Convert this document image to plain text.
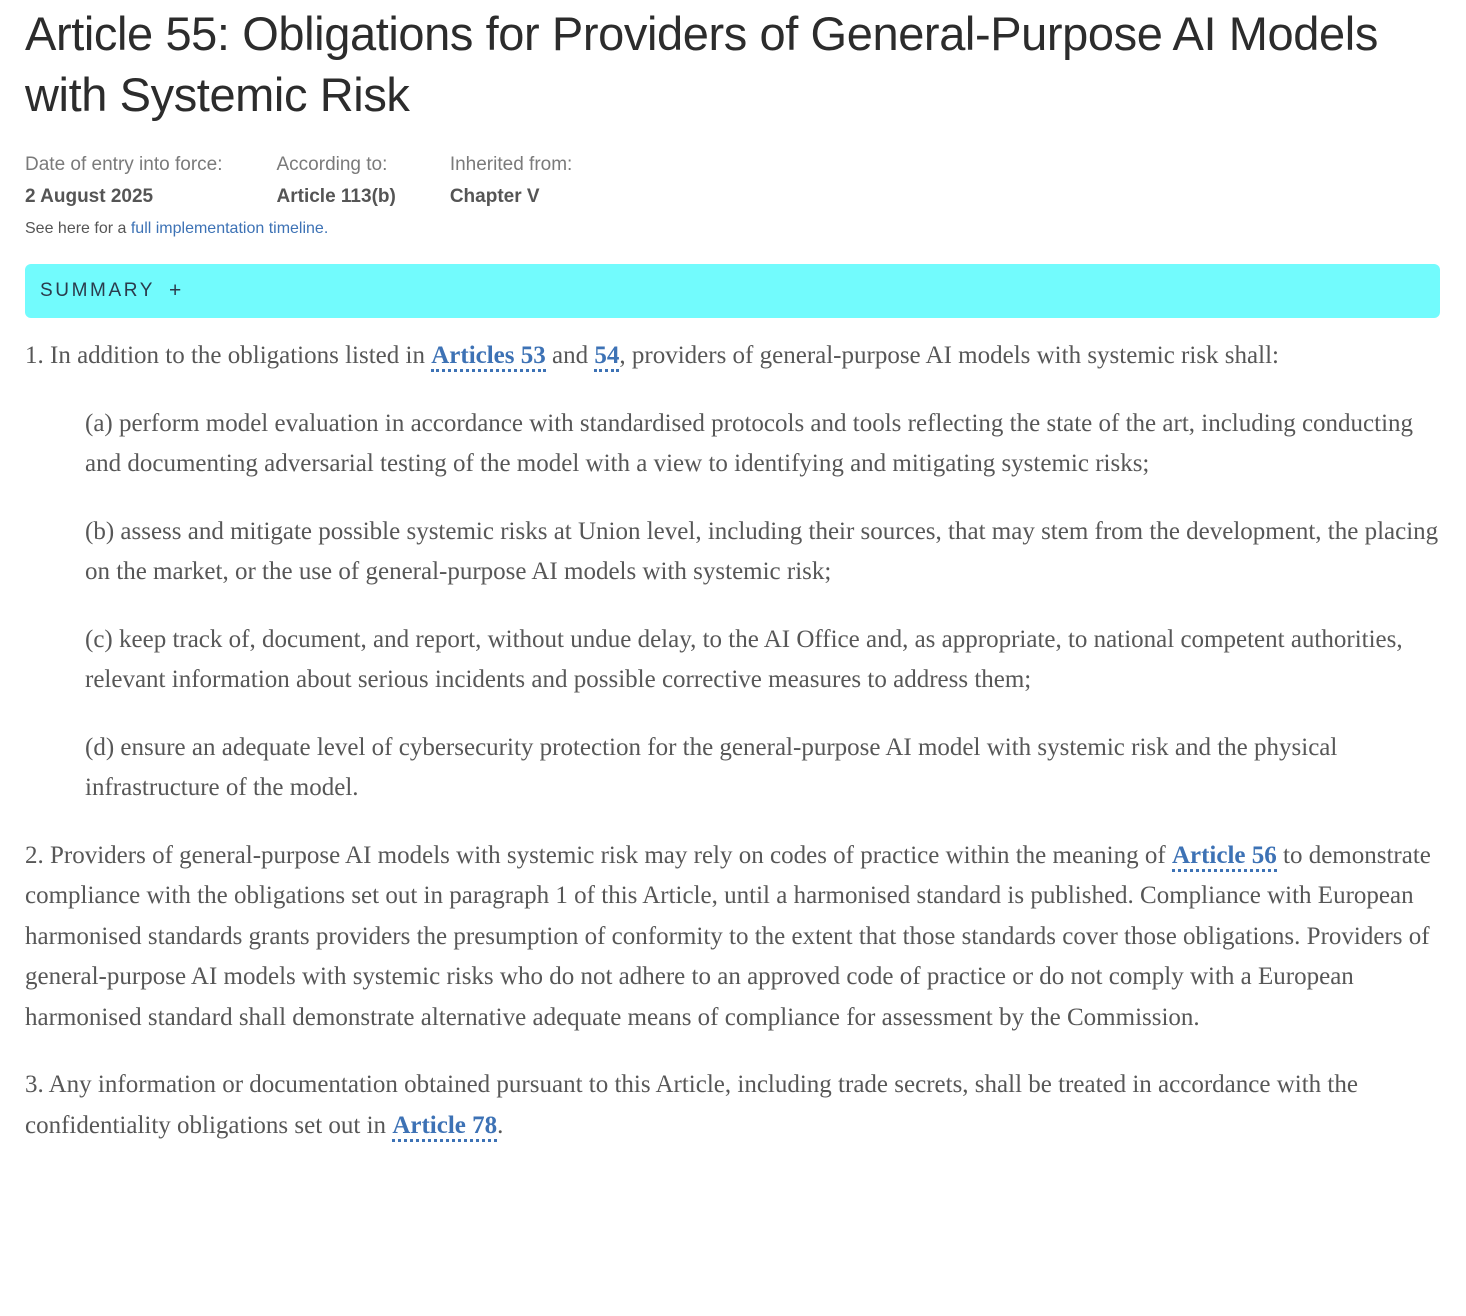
Article 55: Obligations for Providers of General-Purpose AI Models with Systemic Risk
Date of entry into force:
2 August 2025
According to:
Article 113(b)
Inherited from:
Chapter V
See here for a full implementation timeline.
SUMMARY +

1. In addition to the obligations listed in Articles 53 and 54, providers of general-purpose AI models with systemic risk shall:

(a) perform model evaluation in accordance with standardised protocols and tools reflecting the state of the art, including conducting and documenting adversarial testing of the model with a view to identifying and mitigating systemic risks;

(b) assess and mitigate possible systemic risks at Union level, including their sources, that may stem from the development, the placing on the market, or the use of general-purpose AI models with systemic risk;

(c) keep track of, document, and report, without undue delay, to the AI Office and, as appropriate, to national competent authorities, relevant information about serious incidents and possible corrective measures to address them;

(d) ensure an adequate level of cybersecurity protection for the general-purpose AI model with systemic risk and the physical infrastructure of the model.

2. Providers of general-purpose AI models with systemic risk may rely on codes of practice within the meaning of Article 56 to demonstrate compliance with the obligations set out in paragraph 1 of this Article, until a harmonised standard is published. Compliance with European harmonised standards grants providers the presumption of conformity to the extent that those standards cover those obligations. Providers of general-purpose AI models with systemic risks who do not adhere to an approved code of practice or do not comply with a European harmonised standard shall demonstrate alternative adequate means of compliance for assessment by the Commission.

3. Any information or documentation obtained pursuant to this Article, including trade secrets, shall be treated in accordance with the confidentiality obligations set out in Article 78.
